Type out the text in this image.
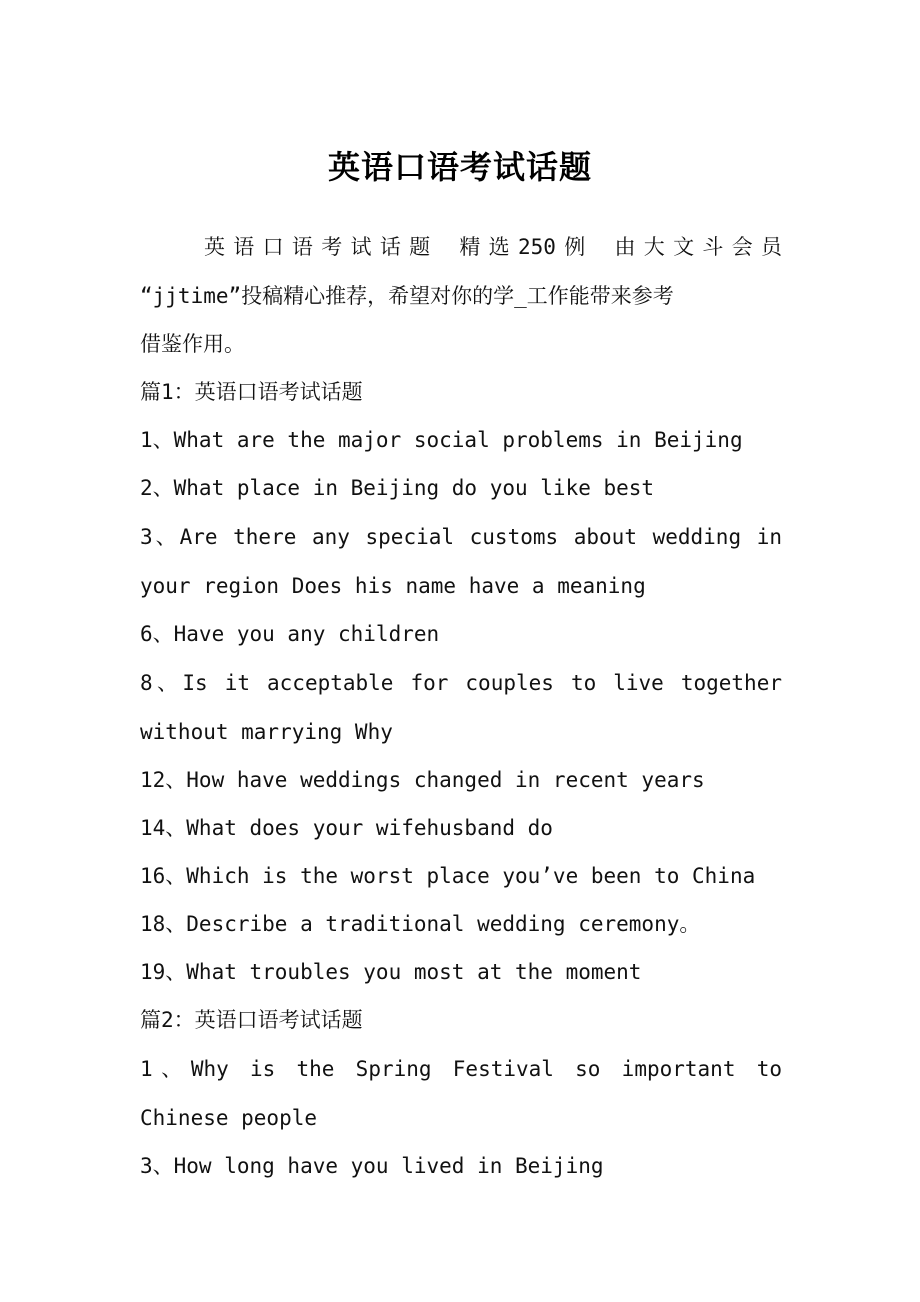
英语口语考试话题
英语口语考试话题 精选250例 由大文斗会员
“jjtime”投稿精心推荐，希望对你的学_工作能带来参考
借鉴作用。
篇1：英语口语考试话题
1、What are the major social problems in Beijing
2、What place in Beijing do you like best
3、Are there any special customs about wedding in
your region Does his name have a meaning
6、Have you any children
8、Is it acceptable for couples to live together
without marrying Why
12、How have weddings changed in recent years
14、What does your wifehusband do
16、Which is the worst place you’ve been to China
18、Describe a traditional wedding ceremony。
19、What troubles you most at the moment
篇2：英语口语考试话题
1、Why is the Spring Festival so important to
Chinese people
3、How long have you lived in Beijing
